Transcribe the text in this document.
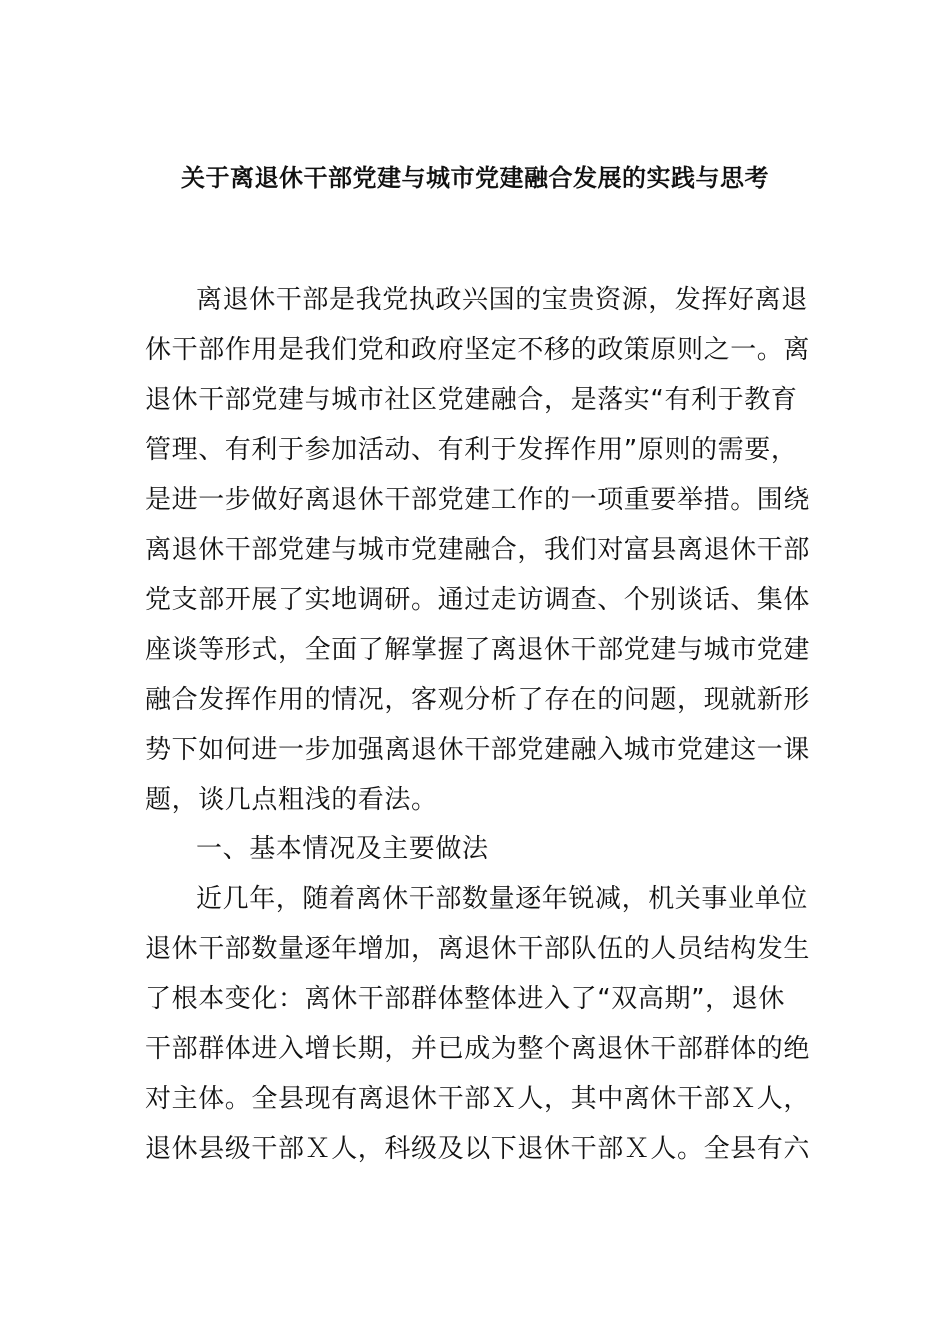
关于离退休干部党建与城市党建融合发展的实践与思考
离退休干部是我党执政兴国的宝贵资源，发挥好离退
休干部作用是我们党和政府坚定不移的政策原则之一。离
退休干部党建与城市社区党建融合，是落实“有利于教育
管理、有利于参加活动、有利于发挥作用”原则的需要，
是进一步做好离退休干部党建工作的一项重要举措。围绕
离退休干部党建与城市党建融合，我们对富县离退休干部
党支部开展了实地调研。通过走访调查、个别谈话、集体
座谈等形式，全面了解掌握了离退休干部党建与城市党建
融合发挥作用的情况，客观分析了存在的问题，现就新形
势下如何进一步加强离退休干部党建融入城市党建这一课
题，谈几点粗浅的看法。
一、基本情况及主要做法
近几年，随着离休干部数量逐年锐减，机关事业单位
退休干部数量逐年增加，离退休干部队伍的人员结构发生
了根本变化：离休干部群体整体进入了“双高期”，退休
干部群体进入增长期，并已成为整个离退休干部群体的绝
对主体。全县现有离退休干部Ｘ人，其中离休干部Ｘ人，
退休县级干部Ｘ人，科级及以下退休干部Ｘ人。全县有六
